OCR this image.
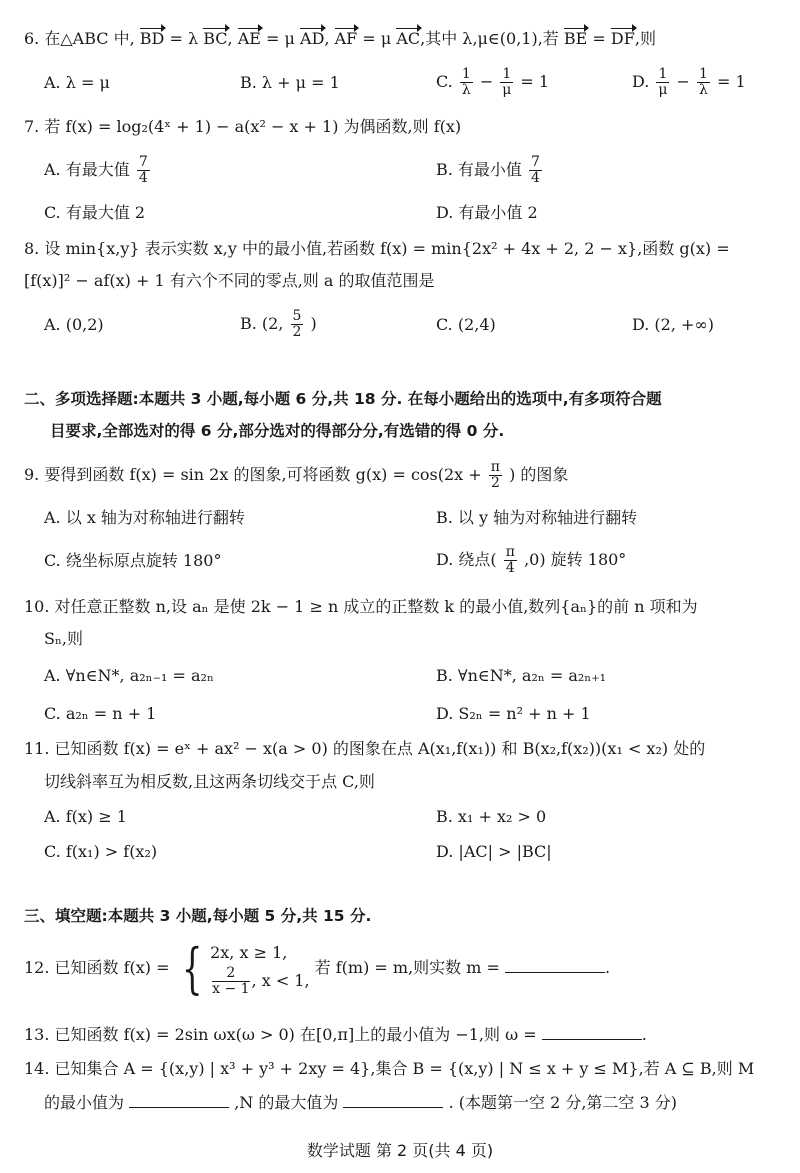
6. 在△ABC 中, BD = λ BC, AE = μ AD, AF = μ AC,其中 λ,μ∈(0,1),若 BE = DF,则
A. λ = μ	B. λ + μ = 1	C. $\frac{1}{\lambda} - \frac{1}{\mu} = 1$	D. $\frac{1}{\mu} - \frac{1}{\lambda} = 1$
7. 若 f(x) = log₂(4ˣ + 1) − a(x² − x + 1) 为偶函数,则 f(x)
A. 有最大值 $\frac{7}{4}$	B. 有最小值 $\frac{7}{4}$
C. 有最大值 2	D. 有最小值 2
8. 设 min{x,y} 表示实数 x,y 中的最小值,若函数 f(x) = min{2x² + 4x + 2, 2 − x},函数 g(x) =
[f(x)]² − af(x) + 1 有六个不同的零点,则 a 的取值范围是
A. (0,2)	B. (2, $\frac{5}{2}$ )	C. (2,4)	D. (2, +∞)
二、多项选择题:本题共 3 小题,每小题 6 分,共 18 分. 在每小题给出的选项中,有多项符合题
目要求,全部选对的得 6 分,部分选对的得部分分,有选错的得 0 分.
9. 要得到函数 f(x) = sin 2x 的图象,可将函数 $g(x) = \cos(2x + \frac{\pi}{2}$ ) 的图象
A. 以 x 轴为对称轴进行翻转	B. 以 y 轴为对称轴进行翻转
C. 绕坐标原点旋转 180°	D. 绕点( $\frac{\pi}{4} ,0$) 旋转 180°
10. 对任意正整数 n,设 aₙ 是使 2k − 1 ≥ n 成立的正整数 k 的最小值,数列{aₙ}的前 n 项和为
Sₙ,则
A. ∀n∈N*, a₂ₙ₋₁ = a₂ₙ	B. ∀n∈N*, a₂ₙ = a₂ₙ₊₁
C. a₂ₙ = n + 1	D. S₂ₙ = n² + n + 1
11. 已知函数 f(x) = eˣ + ax² − x(a > 0) 的图象在点 A(x₁,f(x₁)) 和 B(x₂,f(x₂))(x₁ < x₂) 处的
切线斜率互为相反数,且这两条切线交于点 C,则
A. f(x) ≥ 1	B. x₁ + x₂ > 0
C. f(x₁) > f(x₂)	D. |AC| > |BC|
三、填空题:本题共 3 小题,每小题 5 分,共 15 分.
12. 已知函数 f(x) = { 2x, x ≥ 1,
$\frac{2}{x - 1}$ , x < 1,
若 f(m) = m,则实数 m =	.
13. 已知函数 f(x) = 2sin ωx(ω > 0) 在[0,π]上的最小值为 −1,则 ω =	.
14. 已知集合 A = {(x,y) | x³ + y³ + 2xy = 4},集合 B = {(x,y) | N ≤ x + y ≤ M},若 A ⊆ B,则 M
的最小值为	,N 的最大值为	. (本题第一空 2 分,第二空 3 分)
数学试题 第 2 页(共 4 页)
